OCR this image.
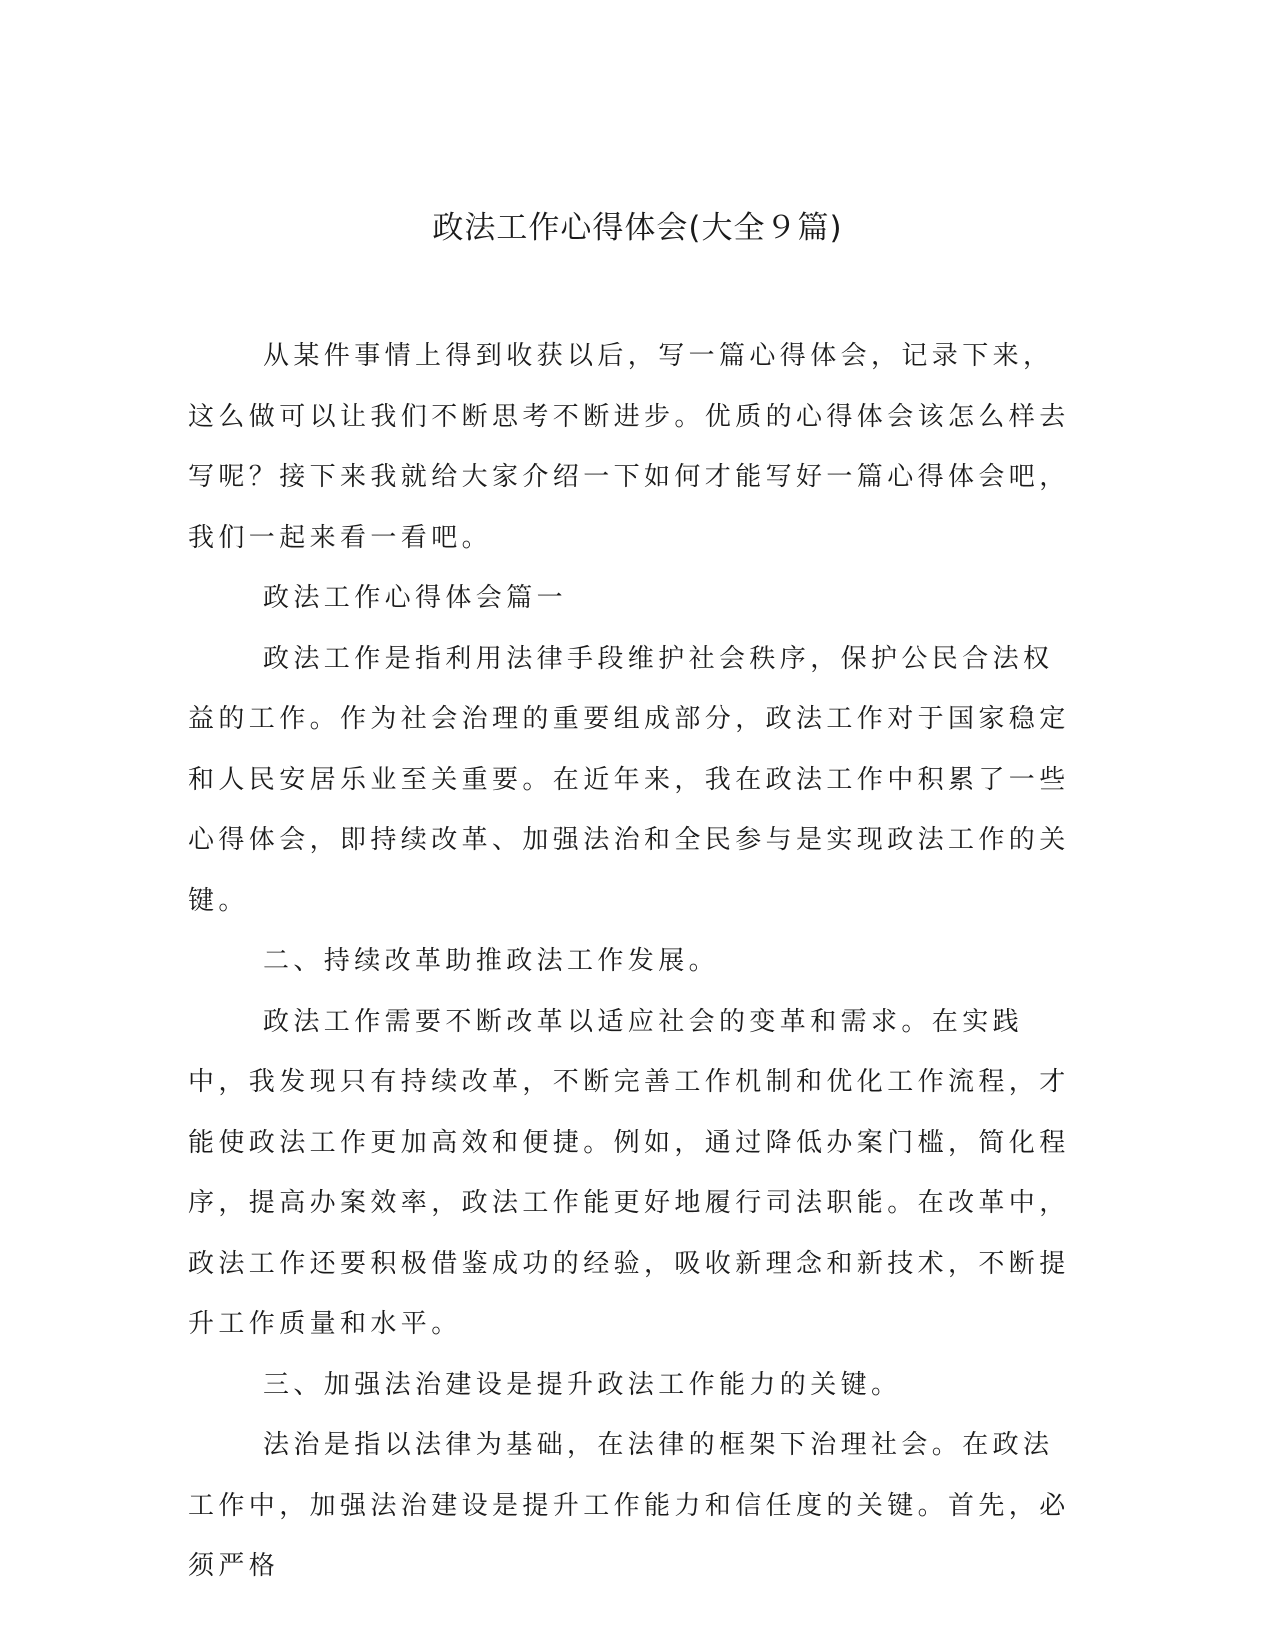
政法工作心得体会(大全９篇)

从某件事情上得到收获以后，写一篇心得体会，记录下来，这么做可以让我们不断思考不断进步。优质的心得体会该怎么样去写呢？接下来我就给大家介绍一下如何才能写好一篇心得体会吧，我们一起来看一看吧。

政法工作心得体会篇一

政法工作是指利用法律手段维护社会秩序，保护公民合法权益的工作。作为社会治理的重要组成部分，政法工作对于国家稳定和人民安居乐业至关重要。在近年来，我在政法工作中积累了一些心得体会，即持续改革、加强法治和全民参与是实现政法工作的关键。

二、持续改革助推政法工作发展。

政法工作需要不断改革以适应社会的变革和需求。在实践中，我发现只有持续改革，不断完善工作机制和优化工作流程，才能使政法工作更加高效和便捷。例如，通过降低办案门槛，简化程序，提高办案效率，政法工作能更好地履行司法职能。在改革中，政法工作还要积极借鉴成功的经验，吸收新理念和新技术，不断提升工作质量和水平。

三、加强法治建设是提升政法工作能力的关键。

法治是指以法律为基础，在法律的框架下治理社会。在政法工作中，加强法治建设是提升工作能力和信任度的关键。首先，必须严格
